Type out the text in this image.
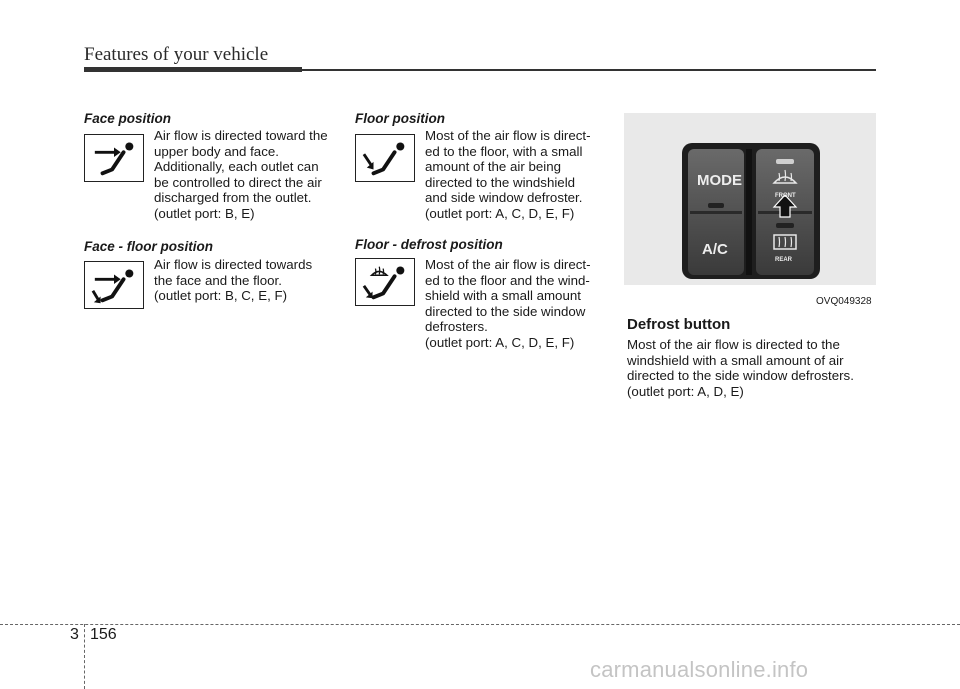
Features of your vehicle
Face position
Air flow is directed toward the
upper body and face.
Additionally, each outlet can
be controlled to direct the air
discharged from the outlet.
(outlet port: B, E)
Face - floor position
Air flow is directed towards
the face and the floor.
(outlet port: B, C, E, F)
Floor position
Most of the air flow is direct-
ed to the floor, with a small
amount of the air being
directed to the windshield
and side window defroster.
(outlet port: A, C, D, E, F)
Floor - defrost position
Most of the air flow is direct-
ed to the floor and the wind-
shield with a small amount
directed to the side window
defrosters.
(outlet port: A, C, D, E, F)
MODE
A/C
FRONT
REAR
OVQ049328
Defrost button
Most of the air flow is directed to the
windshield with a small amount of air
directed to the side window defrosters.
(outlet port: A, D, E)
3 156
carmanualsonline.info
